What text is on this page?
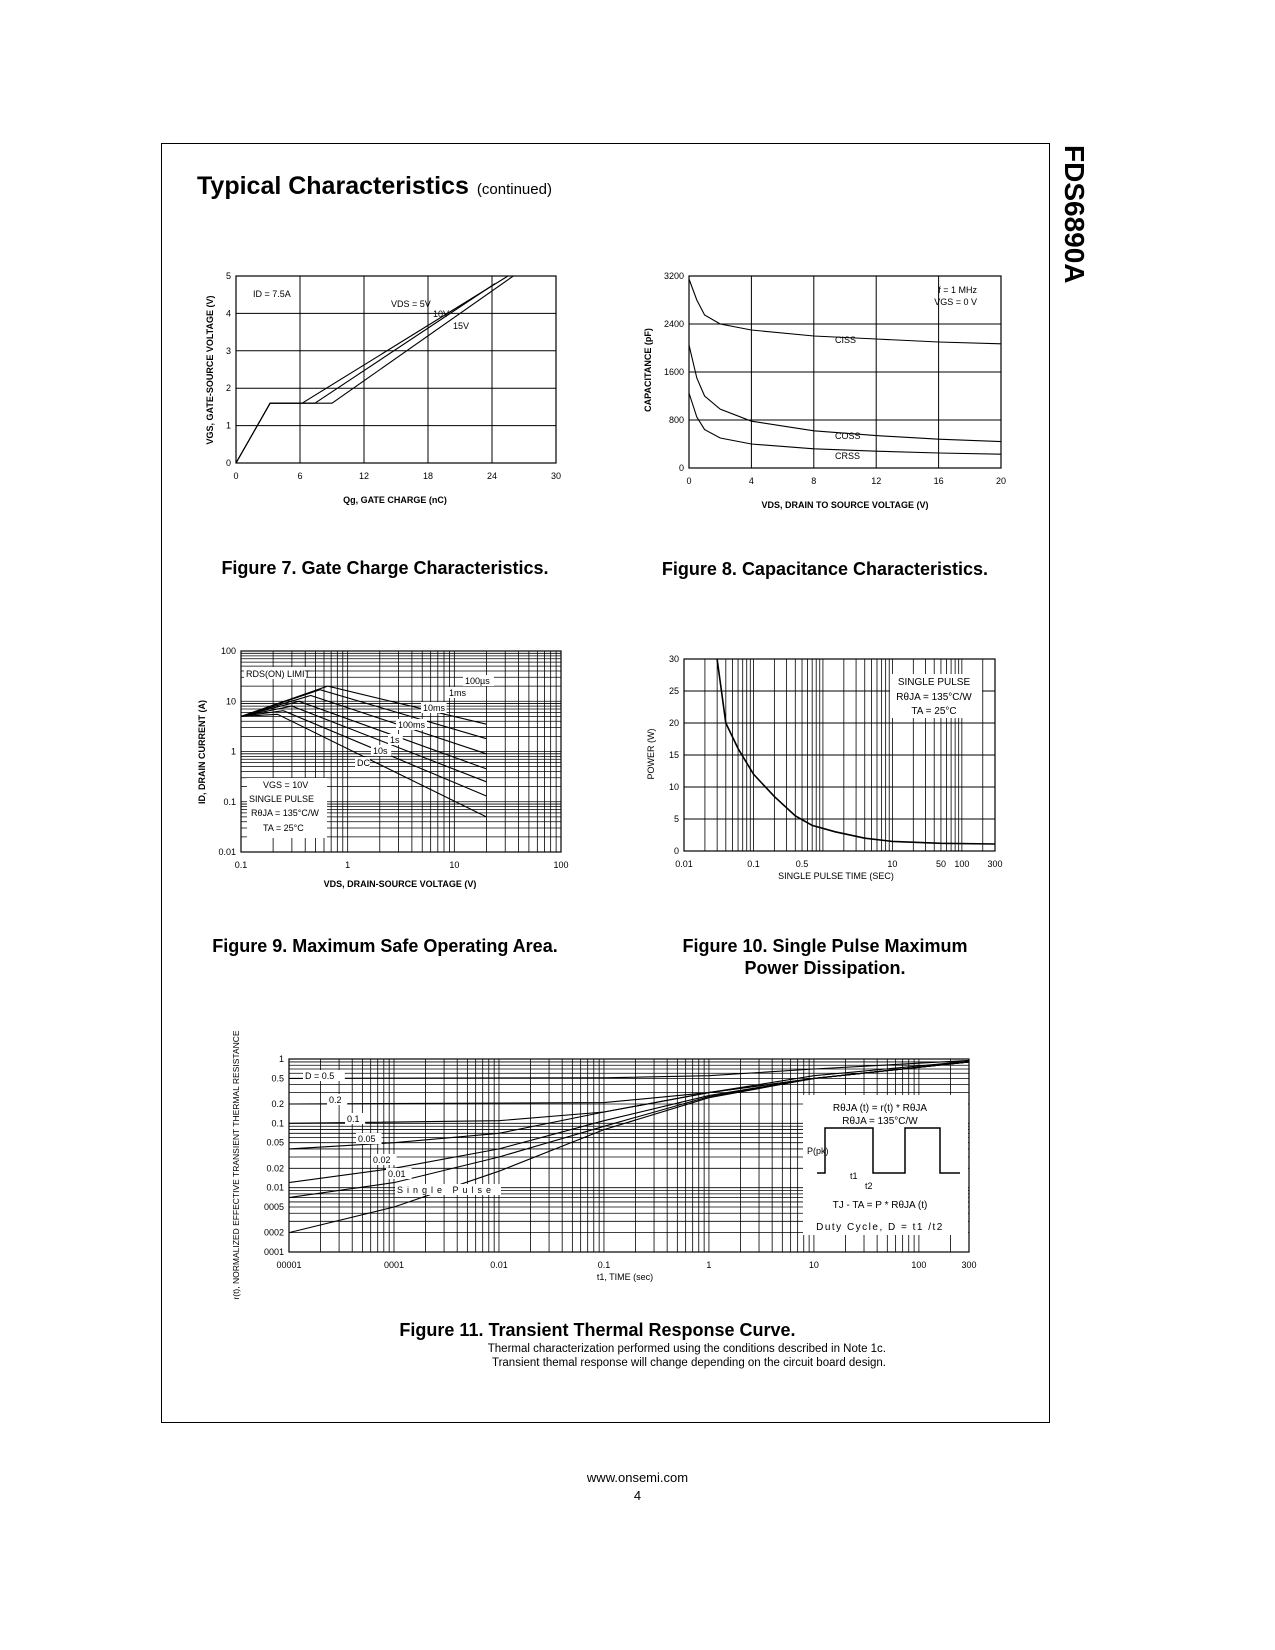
FDS6890A
Typical Characteristics (continued)
0	6	12	18	24	30
0
1
2
3
4
5
ID = 7.5A
VDS = 5V
10V
15V
Qg, GATE CHARGE (nC)
VGS, GATE-SOURCE VOLTAGE (V)
Figure 7. Gate Charge Characteristics.
0	4	8	12	16	20
0
800
1600
2400
3200
f = 1 MHz
VGS = 0 V
CISS
COSS
CRSS
VDS, DRAIN TO SOURCE VOLTAGE (V)
CAPACITANCE (pF)
Figure 8. Capacitance Characteristics.
0.1	1	10	100
0.01
0.1
1
10
100
RDS(ON) LIMIT
VGS = 10V
SINGLE PULSE
RθJA = 135°C/W
TA = 25°C
100µs
1ms
10ms
100ms
1s
10s
DC
VDS, DRAIN-SOURCE VOLTAGE (V)
ID, DRAIN CURRENT (A)
Figure 9. Maximum Safe Operating Area.
0.01	0.1	0.5	10	50 100 300
0
5
10
15
20
25
30
SINGLE PULSE
RθJA = 135°C/W
TA = 25°C
SINGLE PULSE TIME (SEC)
POWER (W)
Figure 10. Single Pulse Maximum
Power Dissipation.
00001	0001	0.01	0.1	1	10	100	300
0001
0002
0005
0.01
0.02
0.05
0.1
0.2
0.5
1
D = 0.5
0.2
0.1
0.05
0.02
0.01
Single Pulse
RθJA (t) = r(t) * RθJA
RθJA = 135°C/W
P(pk)
t1
t2
TJ - TA = P * RθJA (t)
Duty Cycle, D = t1 /t2
t1, TIME (sec)
r(t), NORMALIZED EFFECTIVE TRANSIENT THERMAL RESISTANCE
Figure 11. Transient Thermal Response Curve.
Thermal characterization performed using the conditions described in Note 1c.
Transient themal response will change depending on the circuit board design.
www.onsemi.com
4
